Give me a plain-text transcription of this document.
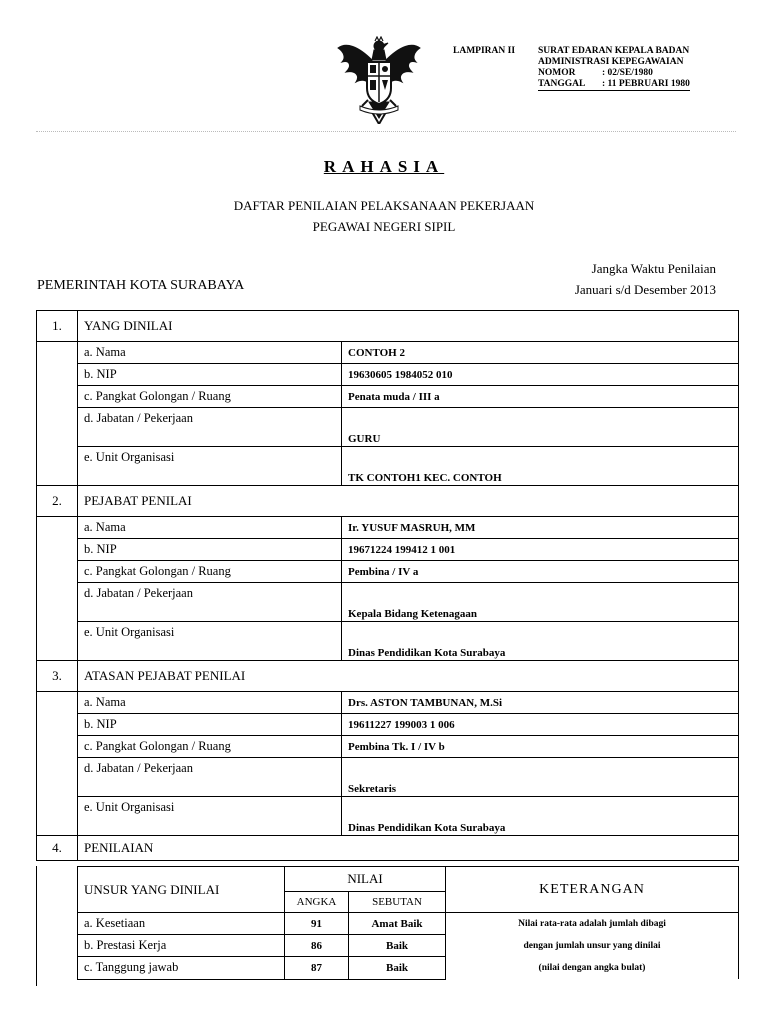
LAMPIRAN II SURAT EDARAN KEPALA BADAN
ADMINISTRASI KEPEGAWAIAN
NOMOR	: 02/SE/1980
TANGGAL : 11 PEBRUARI 1980
RAHASIA
DAFTAR PENILAIAN PELAKSANAAN PEKERJAAN
PEGAWAI NEGERI SIPIL
Jangka Waktu Penilaian
Januari s/d Desember 2013
PEMERINTAH KOTA SURABAYA
1.	YANG DINILAI	
	a. Nama	CONTOH 2
	b. NIP	19630605 1984052 010
	c. Pangkat Golongan / Ruang	Penata muda / III a
	d. Jabatan / Pekerjaan	GURU
	e. Unit Organisasi	TK CONTOH1 KEC. CONTOH
2.	PEJABAT PENILAI	
	a. Nama	Ir. YUSUF MASRUH, MM
	b. NIP	19671224 199412 1 001
	c. Pangkat Golongan / Ruang	Pembina / IV a
	d. Jabatan / Pekerjaan	Kepala Bidang Ketenagaan
	e. Unit Organisasi	Dinas Pendidikan Kota Surabaya
3.	ATASAN PEJABAT PENILAI	
	a. Nama	Drs. ASTON TAMBUNAN, M.Si
	b. NIP	19611227 199003 1 006
	c. Pangkat Golongan / Ruang	Pembina Tk. I / IV b
	d. Jabatan / Pekerjaan	Sekretaris
	e. Unit Organisasi	Dinas Pendidikan Kota Surabaya
4.	PENILAIAN	
UNSUR YANG DINILAI	NILAI		KETERANGAN
	ANGKA	SEBUTAN	
a. Kesetiaan	91	Amat Baik	Nilai rata-rata adalah jumlah dibagi
dengan jumlah unsur yang dinilai
(nilai dengan angka bulat)

b. Prestasi Kerja	86	Baik	
c. Tanggung jawab	87	Baik	
